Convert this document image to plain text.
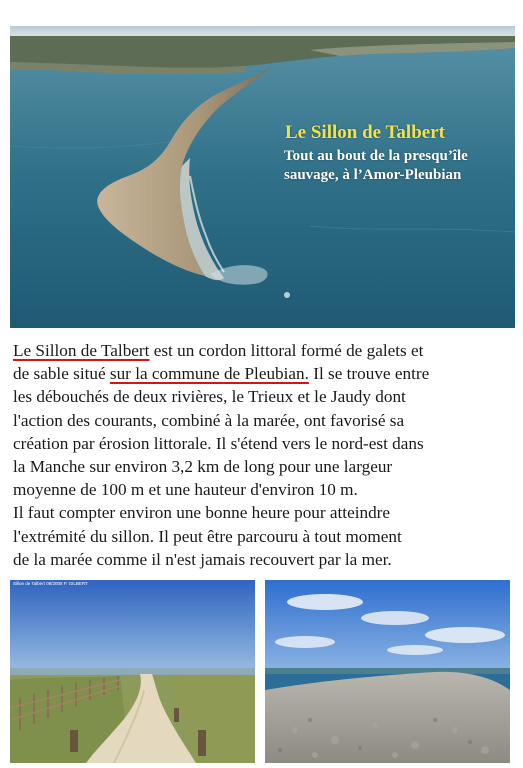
Le Sillon de Talbert
Tout au bout de la presqu’île
sauvage, à l’Amor-Pleubian
Le Sillon de Talbert est un cordon littoral formé de galets et
de sable situé sur la commune de Pleubian. Il se trouve entre
les débouchés de deux rivières, le Trieux et le Jaudy dont
l'action des courants, combiné à la marée, ont favorisé sa
création par érosion littorale. Il s'étend vers le nord-est dans
la Manche sur environ 3,2 km de long pour une largeur
moyenne de 100 m et une hauteur d'environ 10 m.
Il faut compter environ une bonne heure pour atteindre
l'extrémité du sillon. Il peut être parcouru à tout moment
de la marée comme il n'est jamais recouvert par la mer.
Sillon de Talbert 08/2008 P. GILBERT
